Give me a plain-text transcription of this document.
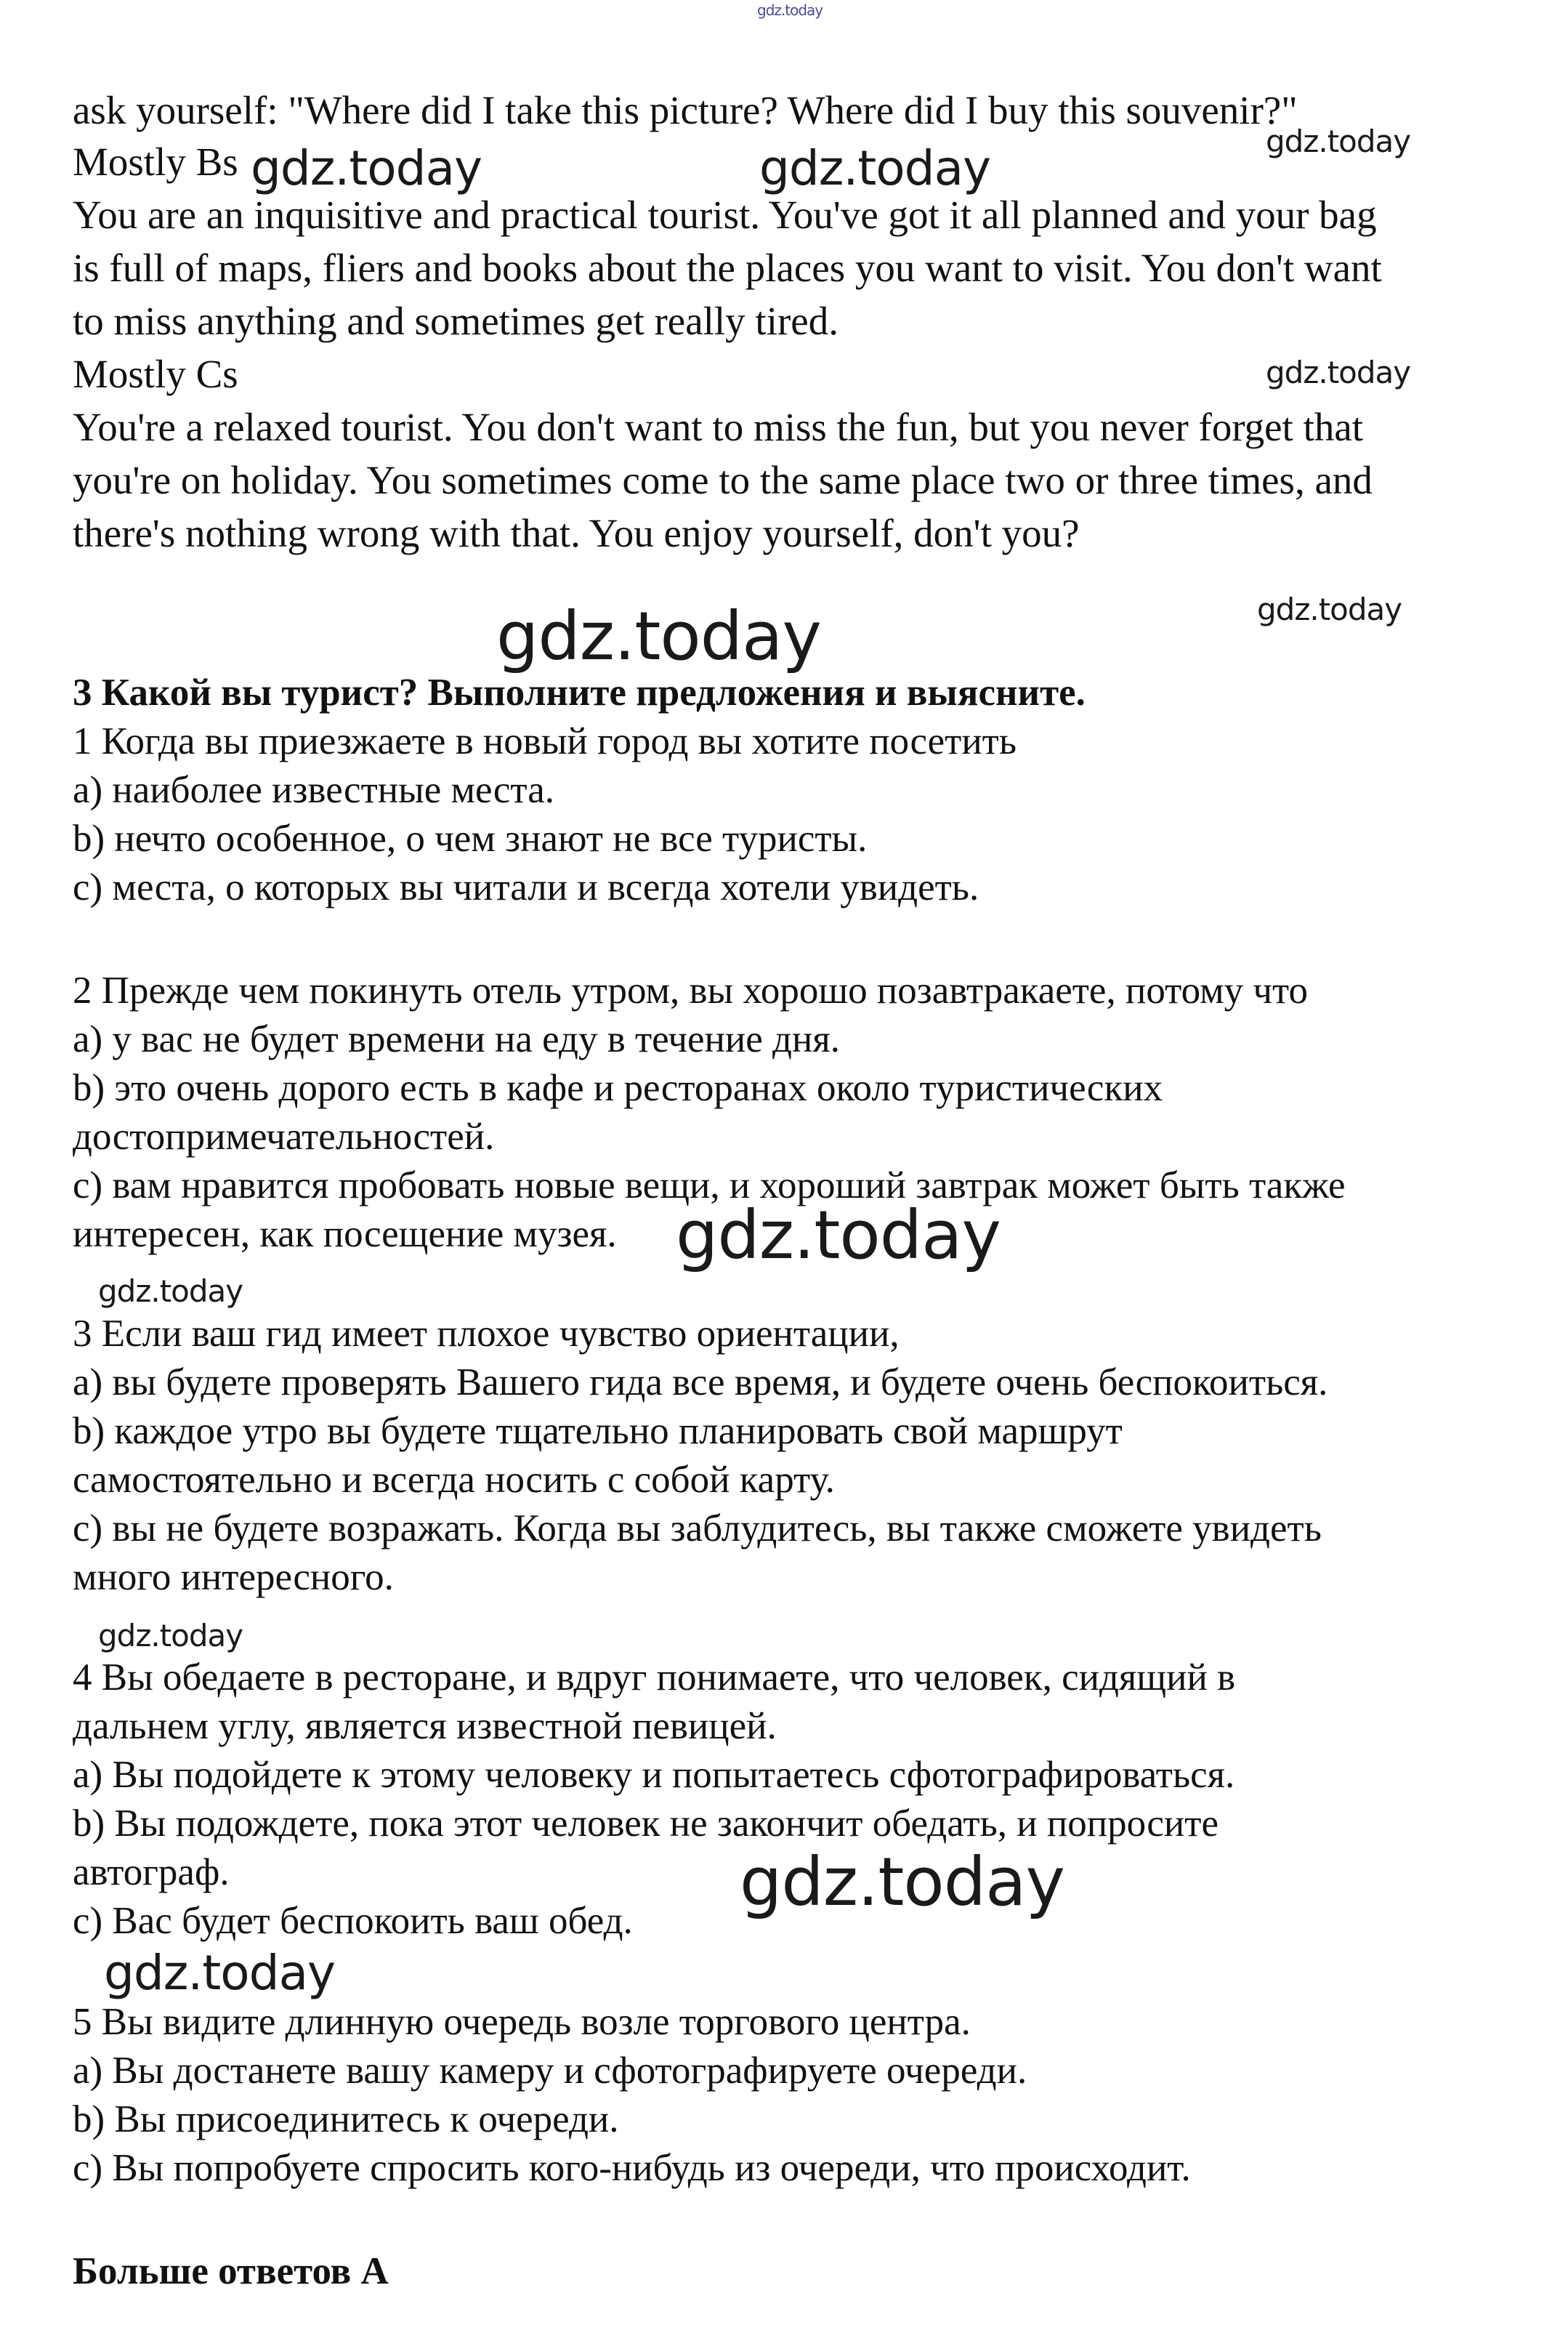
gdz.today
ask yourself: "Where did I take this picture? Where did I buy this souvenir?"
Mostly Bs
You are an inquisitive and practical tourist. You've got it all planned and your bag
is full of maps, fliers and books about the places you want to visit. You don't want
to miss anything and sometimes get really tired.
Mostly Cs
You're a relaxed tourist. You don't want to miss the fun, but you never forget that
you're on holiday. You sometimes come to the same place two or three times, and
there's nothing wrong with that. You enjoy yourself, don't you?
3 Какой вы турист? Выполните предложения и выясните.
1 Когда вы приезжаете в новый город вы хотите посетить
a) наиболее известные места.
b) нечто особенное, о чем знают не все туристы.
c) места, о которых вы читали и всегда хотели увидеть.
2 Прежде чем покинуть отель утром, вы хорошо позавтракаете, потому что
a) у вас не будет времени на еду в течение дня.
b) это очень дорого есть в кафе и ресторанах около туристических
достопримечательностей.
c) вам нравится пробовать новые вещи, и хороший завтрак может быть также
интересен, как посещение музея.
3 Если ваш гид имеет плохое чувство ориентации,
a) вы будете проверять Вашего гида все время, и будете очень беспокоиться.
b) каждое утро вы будете тщательно планировать свой маршрут
самостоятельно и всегда носить с собой карту.
c) вы не будете возражать. Когда вы заблудитесь, вы также сможете увидеть
много интересного.
4 Вы обедаете в ресторане, и вдруг понимаете, что человек, сидящий в
дальнем углу, является известной певицей.
a) Вы подойдете к этому человеку и попытаетесь сфотографироваться.
b) Вы подождете, пока этот человек не закончит обедать, и попросите
автограф.
c) Вас будет беспокоить ваш обед.
5 Вы видите длинную очередь возле торгового центра.
a) Вы достанете вашу камеру и сфотографируете очереди.
b) Вы присоединитесь к очереди.
c) Вы попробуете спросить кого-нибудь из очереди, что происходит.
Больше ответов A
gdz.today	gdz.today	gdz.today
gdz.today
gdz.today	gdz.today
gdz.today
gdz.today
gdz.today
gdz.today
gdz.today
